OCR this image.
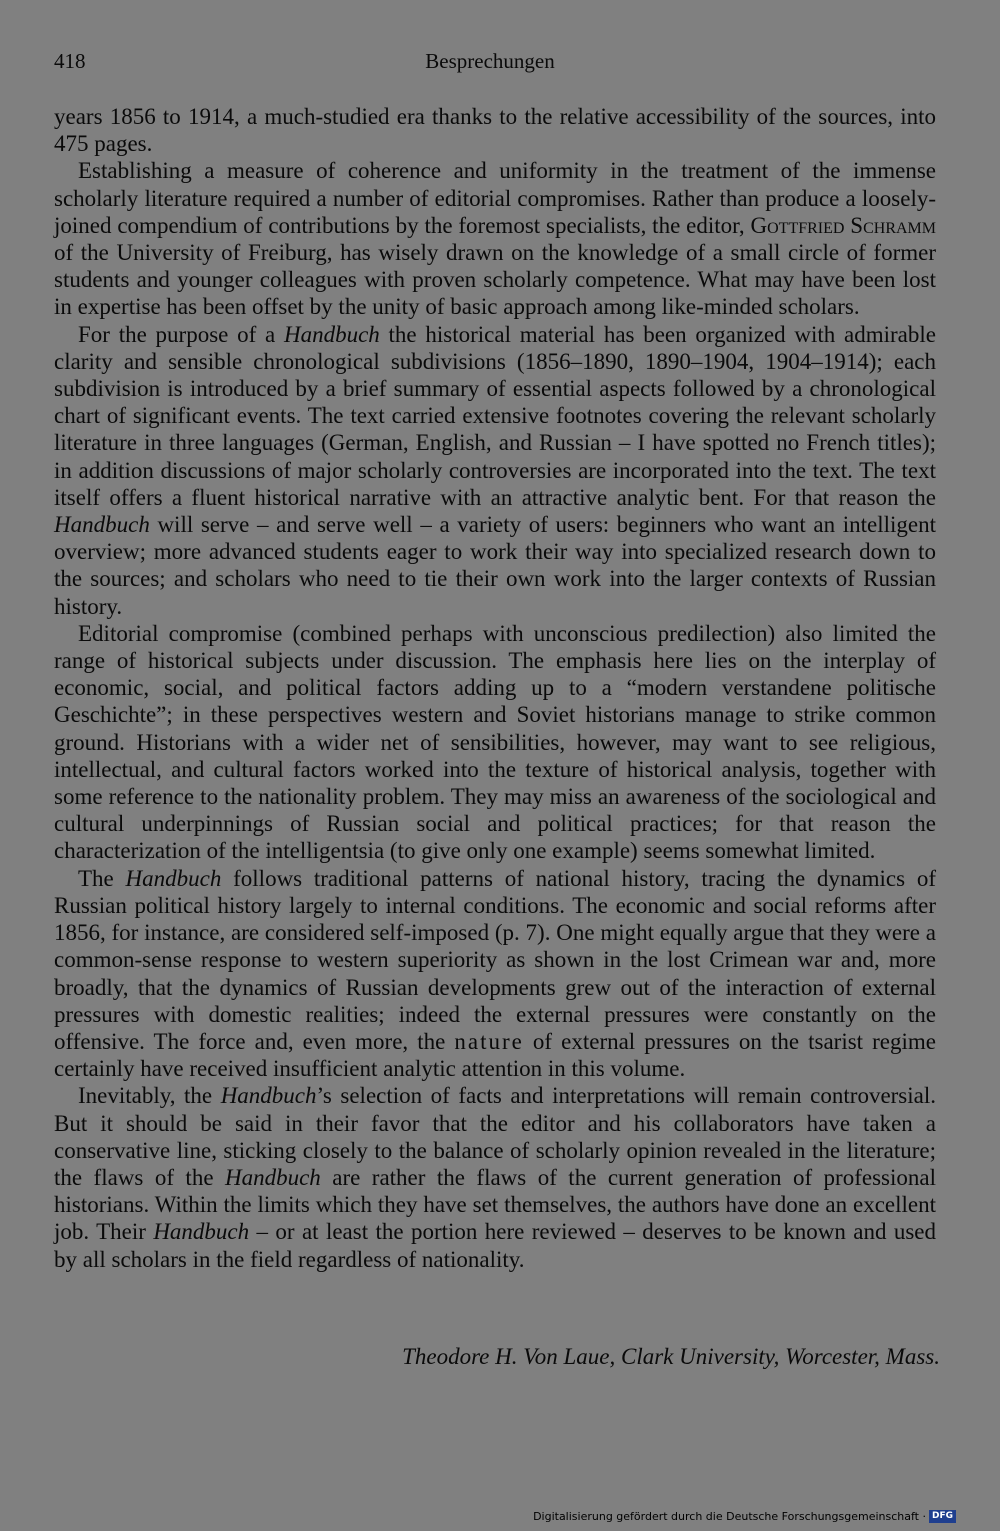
418	Besprechungen

years 1856 to 1914, a much-studied era thanks to the relative accessibility of the sources, into 475 pages.

Establishing a measure of coherence and uniformity in the treatment of the immense scholarly literature required a number of editorial compromises. Rather than produce a loosely-joined compendium of contributions by the foremost specialists, the editor, Gottfried Schramm of the University of Freiburg, has wisely drawn on the knowledge of a small circle of former students and younger colleagues with proven scholarly competence. What may have been lost in expertise has been offset by the unity of basic approach among like-minded scholars.

For the purpose of a Handbuch the historical material has been organized with admirable clarity and sensible chronological subdivisions (1856–1890, 1890–1904, 1904–1914); each subdivision is introduced by a brief summary of essential aspects followed by a chronological chart of significant events. The text carried extensive footnotes covering the relevant scholarly literature in three languages (German, English, and Russian – I have spotted no French titles); in addition discussions of major scholarly controversies are incorporated into the text. The text itself offers a fluent historical narrative with an attractive analytic bent. For that reason the Handbuch will serve – and serve well – a variety of users: beginners who want an intelligent overview; more advanced students eager to work their way into specialized research down to the sources; and scholars who need to tie their own work into the larger contexts of Russian history.

Editorial compromise (combined perhaps with unconscious predilection) also limited the range of historical subjects under discussion. The emphasis here lies on the interplay of economic, social, and political factors adding up to a “modern verstandene politische Geschichte”; in these perspectives western and Soviet historians manage to strike common ground. Historians with a wider net of sensibilities, however, may want to see religious, intellectual, and cultural factors worked into the texture of historical analysis, together with some reference to the nationality problem. They may miss an awareness of the sociological and cultural underpinnings of Russian social and political practices; for that reason the characterization of the intelligentsia (to give only one example) seems somewhat limited.

The Handbuch follows traditional patterns of national history, tracing the dynamics of Russian political history largely to internal conditions. The economic and social reforms after 1856, for instance, are considered self-imposed (p. 7). One might equally argue that they were a common-sense response to western superiority as shown in the lost Crimean war and, more broadly, that the dynamics of Russian developments grew out of the interaction of external pressures with domestic realities; indeed the external pressures were constantly on the offensive. The force and, even more, the nature of external pressures on the tsarist regime certainly have received insufficient analytic attention in this volume.

Inevitably, the Handbuch’s selection of facts and interpretations will remain controversial. But it should be said in their favor that the editor and his collaborators have taken a conservative line, sticking closely to the balance of scholarly opinion revealed in the literature; the flaws of the Handbuch are rather the flaws of the current generation of professional historians. Within the limits which they have set themselves, the authors have done an excellent job. Their Handbuch – or at least the portion here reviewed – deserves to be known and used by all scholars in the field regardless of nationality.

Theodore H. Von Laue, Clark University, Worcester, Mass.
Digitalisierung gefördert durch die Deutsche Forschungsgemeinschaft · DFG
